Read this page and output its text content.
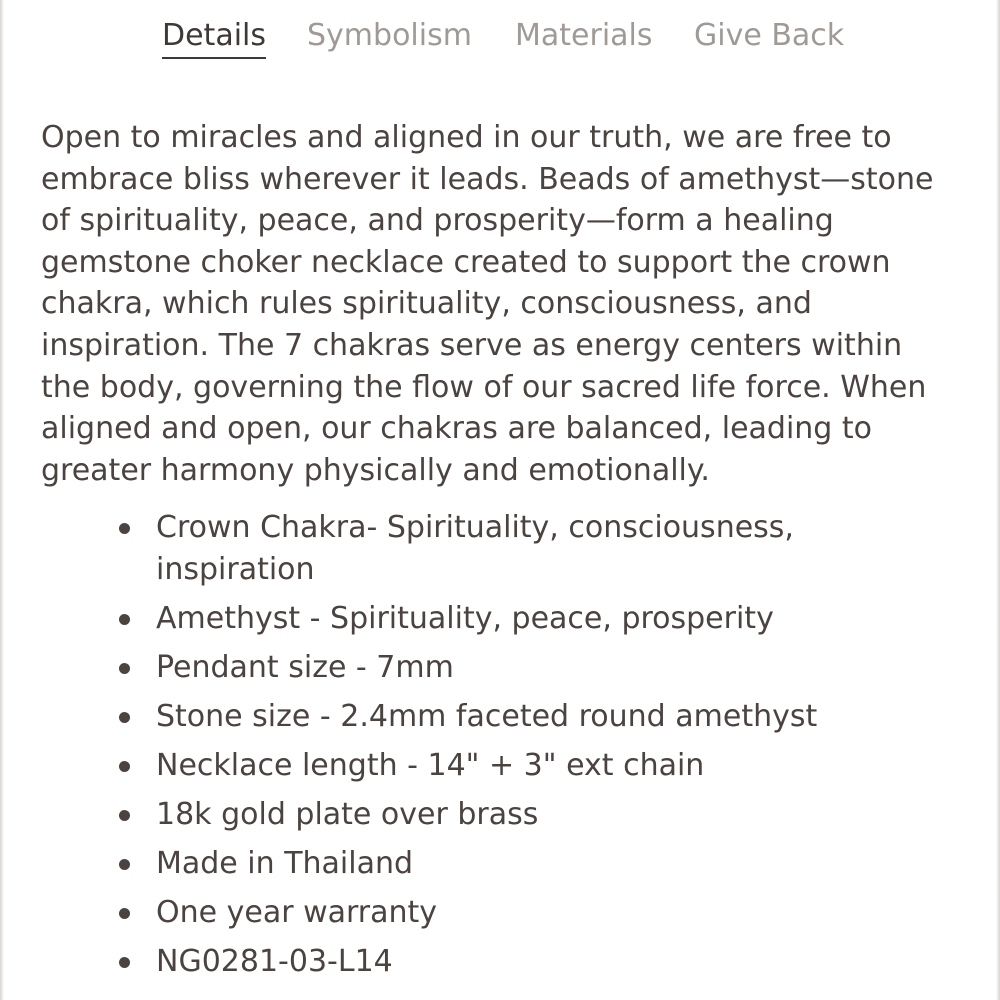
Details Symbolism Materials Give Back

Open to miracles and aligned in our truth, we are free to embrace bliss wherever it leads. Beads of amethyst—stone of spirituality, peace, and prosperity—form a healing gemstone choker necklace created to support the crown chakra, which rules spirituality, consciousness, and inspiration. The 7 chakras serve as energy centers within the body, governing the flow of our sacred life force. When aligned and open, our chakras are balanced, leading to greater harmony physically and emotionally.

Crown Chakra- Spirituality, consciousness, inspiration
Amethyst - Spirituality, peace, prosperity
Pendant size - 7mm
Stone size - 2.4mm faceted round amethyst
Necklace length - 14" + 3" ext chain
18k gold plate over brass
Made in Thailand
One year warranty
NG0281-03-L14
